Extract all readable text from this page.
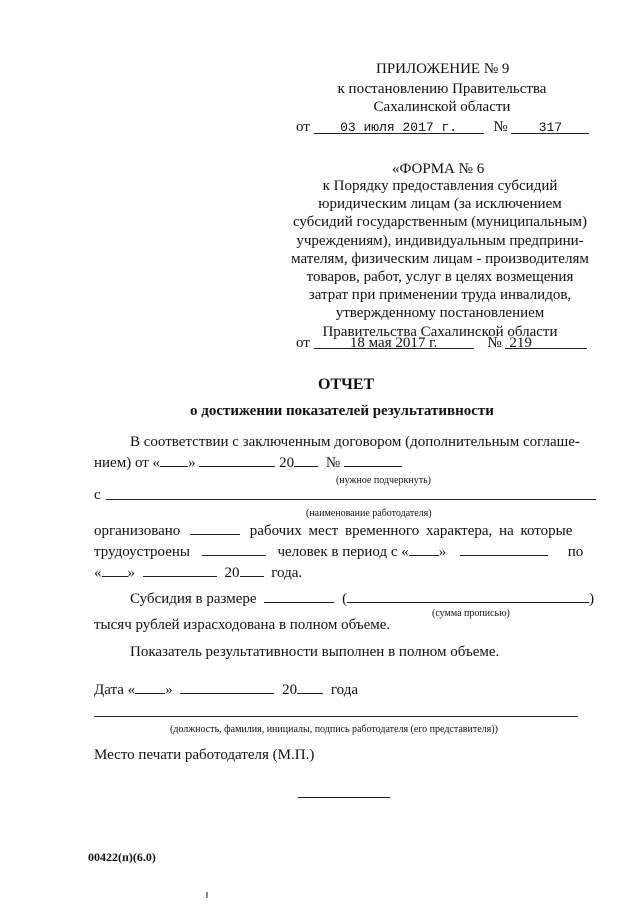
ПРИЛОЖЕНИЕ № 9
к постановлению Правительства
Сахалинской области
от 03 июля 2017 г. № 317
«ФОРМА № 6
к Порядку предоставления субсидий
юридическим лицам (за исключением
субсидий государственным (муниципальным)
учреждениям), индивидуальным предприни-
мателям, физическим лицам - производителям
товаров, работ, услуг в целях возмещения
затрат при применении труда инвалидов,
утвержденному постановлением
Правительства Сахалинской области
от	18 мая 2017 г.	№ 219
ОТЧЕТ
о достижении показателей результативности
В соответствии с заключенным договором (дополнительным соглаше-
нием) от « »	20 №
(нужное подчеркнуть)
с
(наименование работодателя)
организовано	рабочих мест временного характера, на которые
трудоустроены	человек в период с « »	по
« »	20 года.
Субсидия в размере	(	)
(сумма прописью)
тысяч рублей израсходована в полном объеме.
Показатель результативности выполнен в полном объеме.
Дата « »	20 года
(должность, фамилия, инициалы, подпись работодателя (его представителя))
Место печати работодателя (М.П.)
00422(п)(6.0)
